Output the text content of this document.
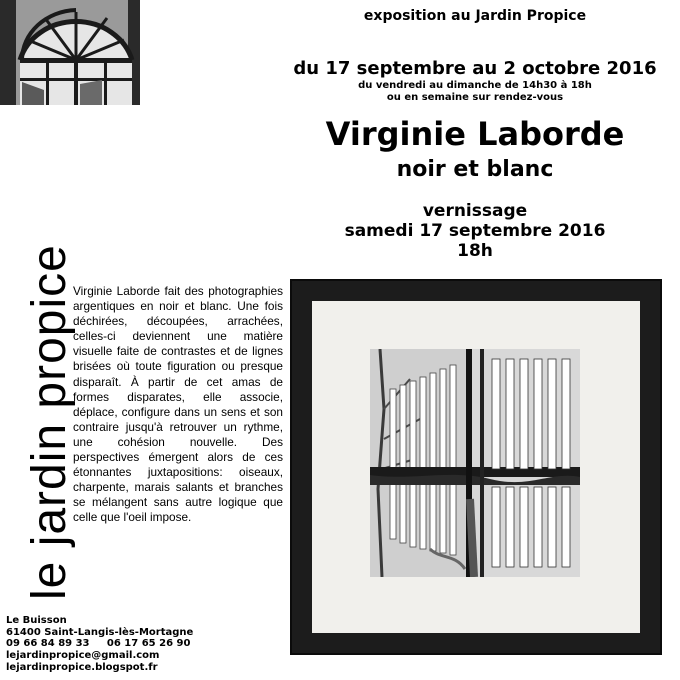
exposition au Jardin Propice
du 17 septembre au 2 octobre 2016
du vendredi au dimanche de 14h30 à 18h
ou en semaine sur rendez-vous
Virginie Laborde
noir et blanc
vernissage
samedi 17 septembre 2016
18h
le jardin propice
Virginie Laborde fait des photographies argentiques en noir et blanc. Une fois déchirées, découpées, arrachées, celles-ci deviennent une matière visuelle faite de contrastes et de lignes brisées où toute figuration ou presque disparaît. À partir de cet amas de formes disparates, elle associe, déplace, configure dans un sens et son contraire jusqu'à retrouver un rythme, une cohésion nouvelle. Des perspectives émergent alors de ces étonnantes juxtapositions: oiseaux, charpente, marais salants et branches se mélangent sans autre logique que celle que l'oeil impose.
Le Buisson
61400 Saint-Langis-lès-Mortagne
09 66 84 89 33     06 17 65 26 90
lejardinpropice@gmail.com
lejardinpropice.blogspot.fr
